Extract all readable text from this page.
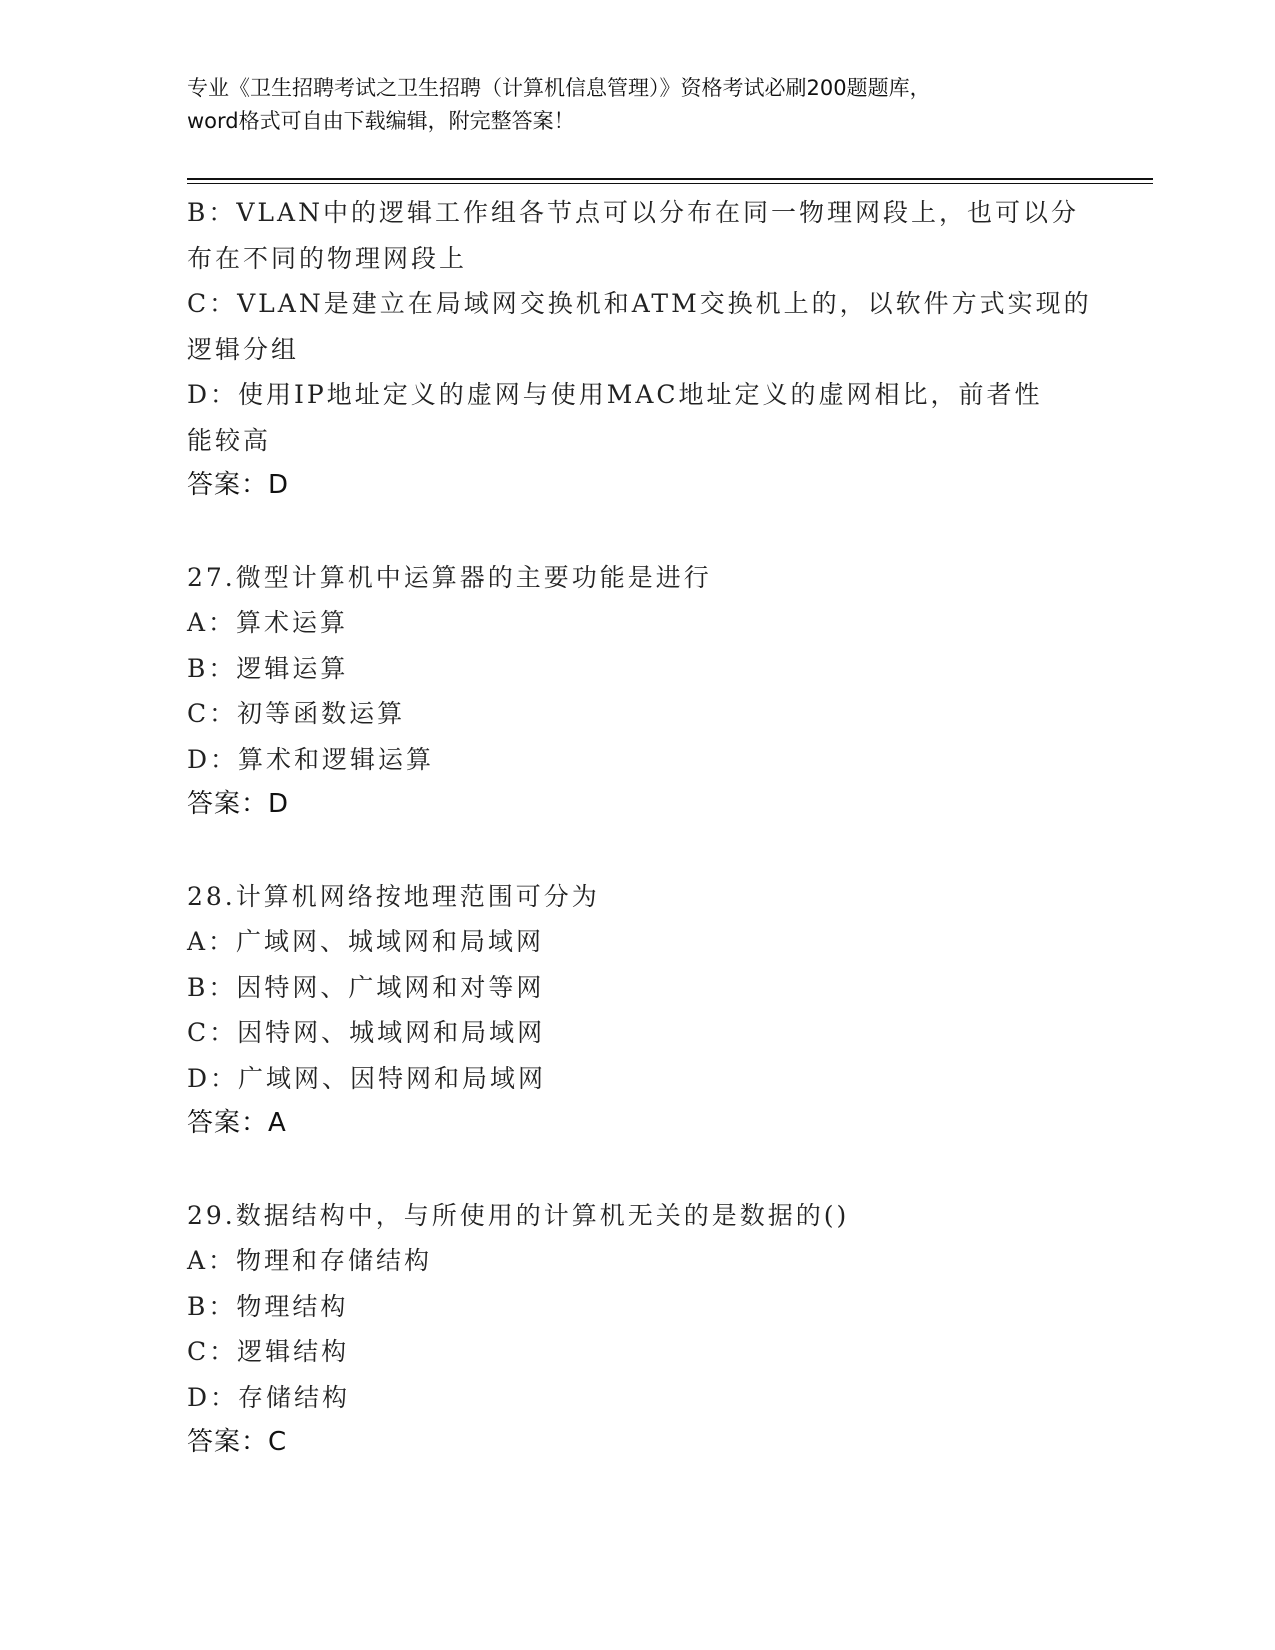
专业《卫生招聘考试之卫生招聘（计算机信息管理）》资格考试必刷200题题库，
word格式可自由下载编辑，附完整答案！
B：VLAN中的逻辑工作组各节点可以分布在同一物理网段上，也可以分
布在不同的物理网段上
C：VLAN是建立在局域网交换机和ATM交换机上的，以软件方式实现的
逻辑分组
D：使用IP地址定义的虚网与使用MAC地址定义的虚网相比，前者性
能较高
答案：D
27.微型计算机中运算器的主要功能是进行
A：算术运算
B：逻辑运算
C：初等函数运算
D：算术和逻辑运算
答案：D
28.计算机网络按地理范围可分为
A：广域网、城域网和局域网
B：因特网、广域网和对等网
C：因特网、城域网和局域网
D：广域网、因特网和局域网
答案：A
29.数据结构中，与所使用的计算机无关的是数据的()
A：物理和存储结构
B：物理结构
C：逻辑结构
D：存储结构
答案：C
